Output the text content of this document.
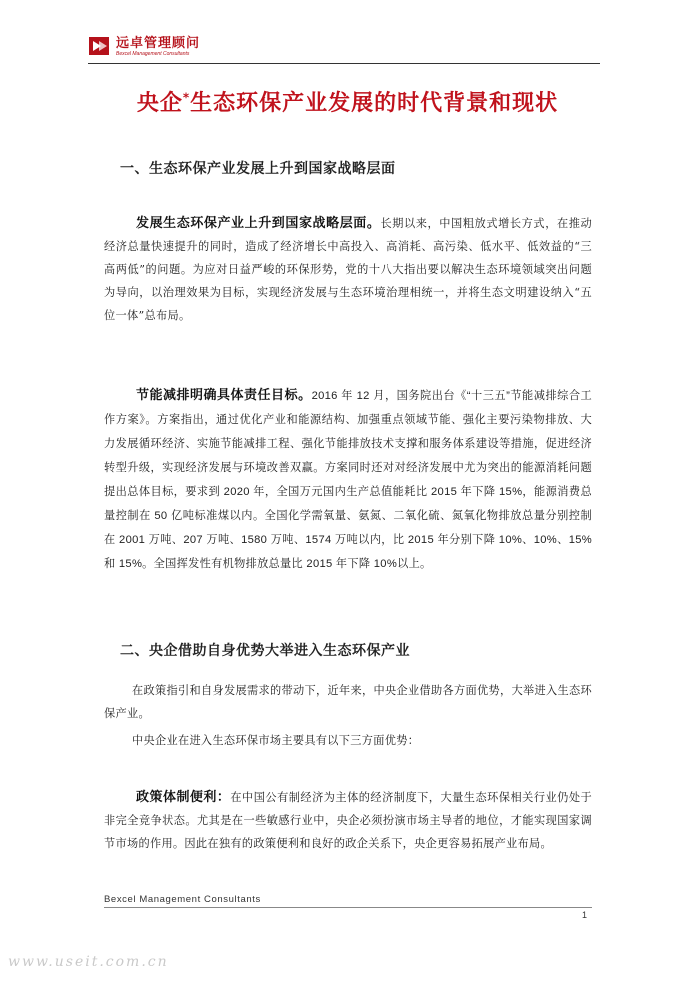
远卓管理顾问
Bexcel Management Consultants
央企*生态环保产业发展的时代背景和现状
一、生态环保产业发展上升到国家战略层面
发展生态环保产业上升到国家战略层面。长期以来，中国粗放式增长方式，在推动经济总量快速提升的同时，造成了经济增长中高投入、高消耗、高污染、低水平、低效益的“三高两低”的问题。为应对日益严峻的环保形势，党的十八大指出要以解决生态环境领域突出问题为导向，以治理效果为目标，实现经济发展与生态环境治理相统一，并将生态文明建设纳入“五位一体”总布局。
节能减排明确具体责任目标。2016 年 12 月，国务院出台《“十三五”节能减排综合工作方案》。方案指出，通过优化产业和能源结构、加强重点领域节能、强化主要污染物排放、大力发展循环经济、实施节能减排工程、强化节能排放技术支撑和服务体系建设等措施，促进经济转型升级，实现经济发展与环境改善双赢。方案同时还对对经济发展中尤为突出的能源消耗问题提出总体目标，要求到 2020 年，全国万元国内生产总值能耗比 2015 年下降 15%，能源消费总量控制在 50 亿吨标准煤以内。全国化学需氧量、氨氮、二氧化硫、氮氧化物排放总量分别控制在 2001 万吨、207 万吨、1580 万吨、1574 万吨以内，比 2015 年分别下降 10%、10%、15%和 15%。全国挥发性有机物排放总量比 2015 年下降 10%以上。
二、央企借助自身优势大举进入生态环保产业
在政策指引和自身发展需求的带动下，近年来，中央企业借助各方面优势，大举进入生态环保产业。
中央企业在进入生态环保市场主要具有以下三方面优势：
政策体制便利：在中国公有制经济为主体的经济制度下，大量生态环保相关行业仍处于非完全竞争状态。尤其是在一些敏感行业中，央企必须扮演市场主导者的地位，才能实现国家调节市场的作用。因此在独有的政策便利和良好的政企关系下，央企更容易拓展产业布局。
Bexcel Management Consultants
1
www.useit.com.cn
